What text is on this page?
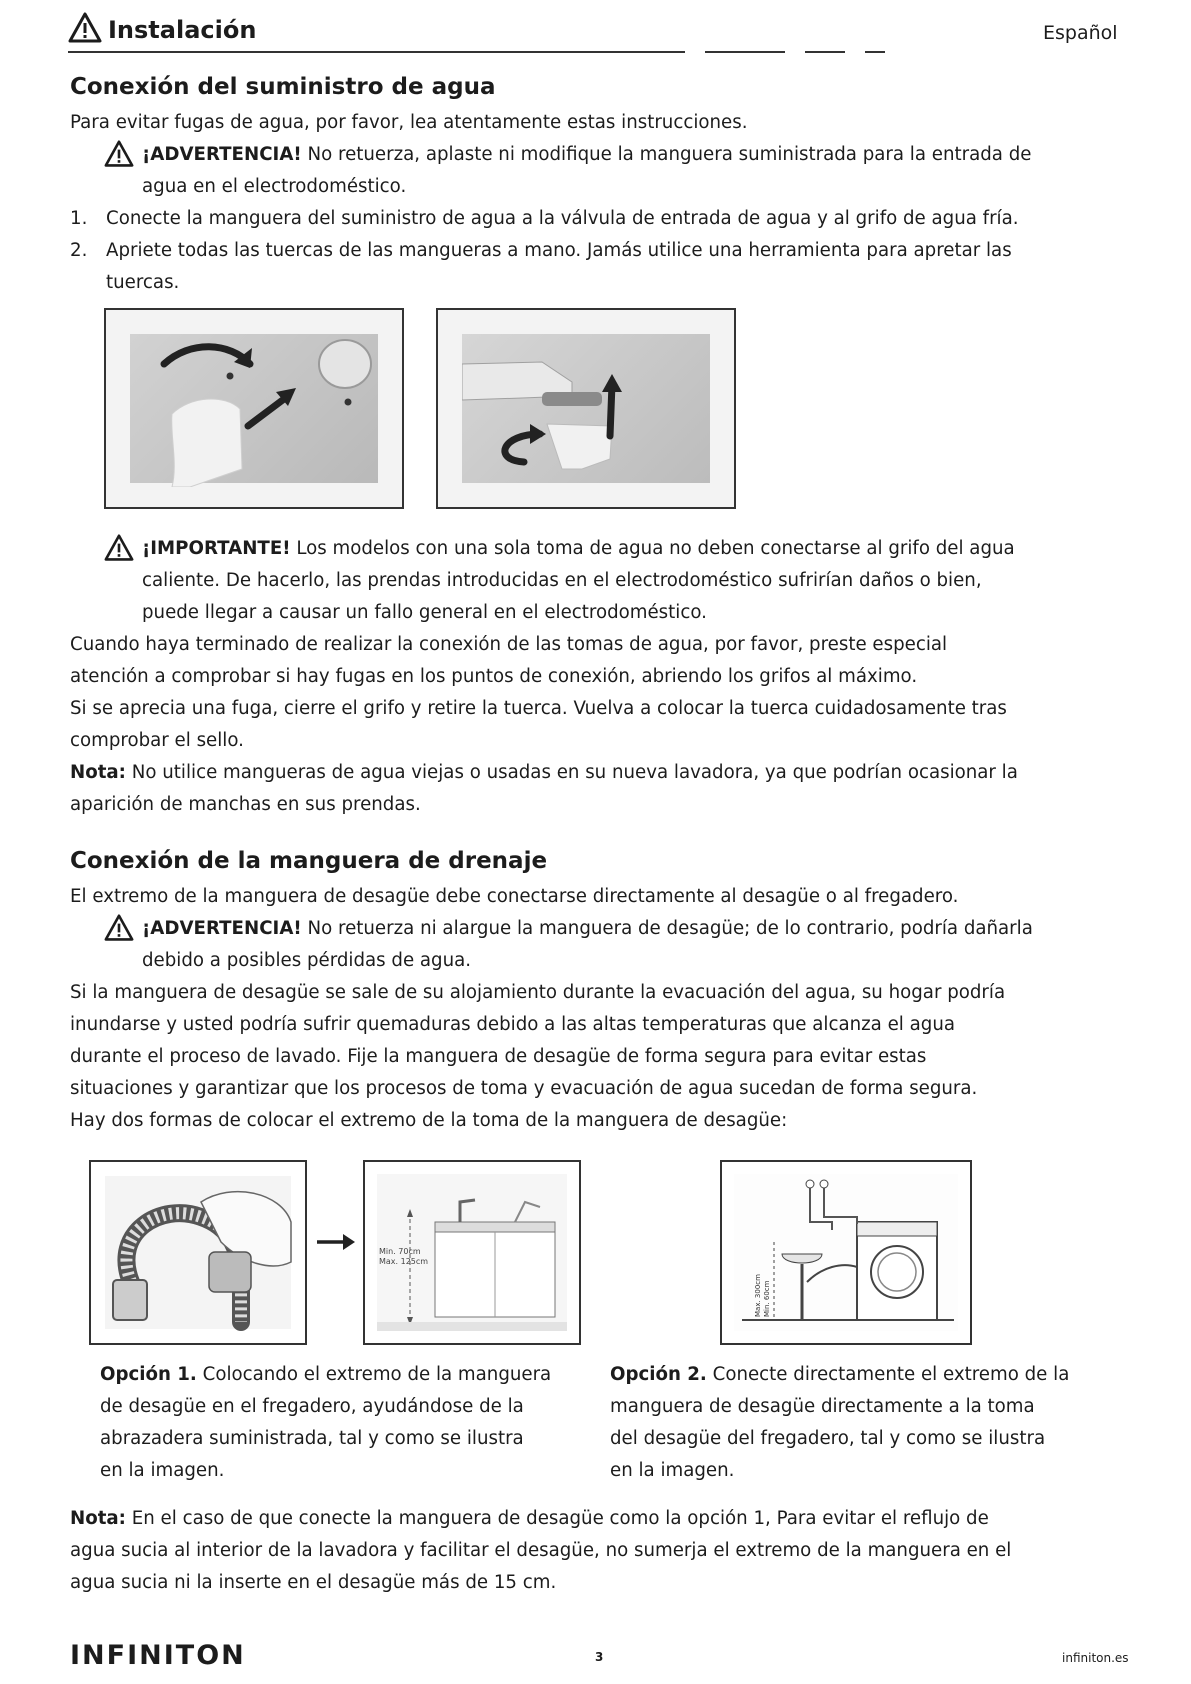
Instalación	Español
Conexión del suministro de agua
Para evitar fugas de agua, por favor, lea atentamente estas instrucciones.
¡ADVERTENCIA! No retuerza, aplaste ni modifique la manguera suministrada para la entrada de
agua en el electrodoméstico.
1. Conecte la manguera del suministro de agua a la válvula de entrada de agua y al grifo de agua fría.
2. Apriete todas las tuercas de las mangueras a mano. Jamás utilice una herramienta para apretar las
tuercas.
¡IMPORTANTE! Los modelos con una sola toma de agua no deben conectarse al grifo del agua
caliente. De hacerlo, las prendas introducidas en el electrodoméstico sufrirían daños o bien,
puede llegar a causar un fallo general en el electrodoméstico.
Cuando haya terminado de realizar la conexión de las tomas de agua, por favor, preste especial
atención a comprobar si hay fugas en los puntos de conexión, abriendo los grifos al máximo.
Si se aprecia una fuga, cierre el grifo y retire la tuerca. Vuelva a colocar la tuerca cuidadosamente tras
comprobar el sello.
Nota: No utilice mangueras de agua viejas o usadas en su nueva lavadora, ya que podrían ocasionar la
aparición de manchas en sus prendas.
Conexión de la manguera de drenaje
El extremo de la manguera de desagüe debe conectarse directamente al desagüe o al fregadero.
¡ADVERTENCIA! No retuerza ni alargue la manguera de desagüe; de lo contrario, podría dañarla
debido a posibles pérdidas de agua.
Si la manguera de desagüe se sale de su alojamiento durante la evacuación del agua, su hogar podría
inundarse y usted podría sufrir quemaduras debido a las altas temperaturas que alcanza el agua
durante el proceso de lavado. Fije la manguera de desagüe de forma segura para evitar estas
situaciones y garantizar que los procesos de toma y evacuación de agua sucedan de forma segura.
Hay dos formas de colocar el extremo de la toma de la manguera de desagüe:
Min. 70cm
Max. 125cm
Max. 300cm Min. 60cm
Opción 1. Colocando el extremo de la manguera
de desagüe en el fregadero, ayudándose de la
abrazadera suministrada, tal y como se ilustra
en la imagen.
Opción 2. Conecte directamente el extremo de la
manguera de desagüe directamente a la toma
del desagüe del fregadero, tal y como se ilustra
en la imagen.
Nota: En el caso de que conecte la manguera de desagüe como la opción 1, Para evitar el reflujo de
agua sucia al interior de la lavadora y facilitar el desagüe, no sumerja el extremo de la manguera en el
agua sucia ni la inserte en el desagüe más de 15 cm.
INFINITON	3	infiniton.es
